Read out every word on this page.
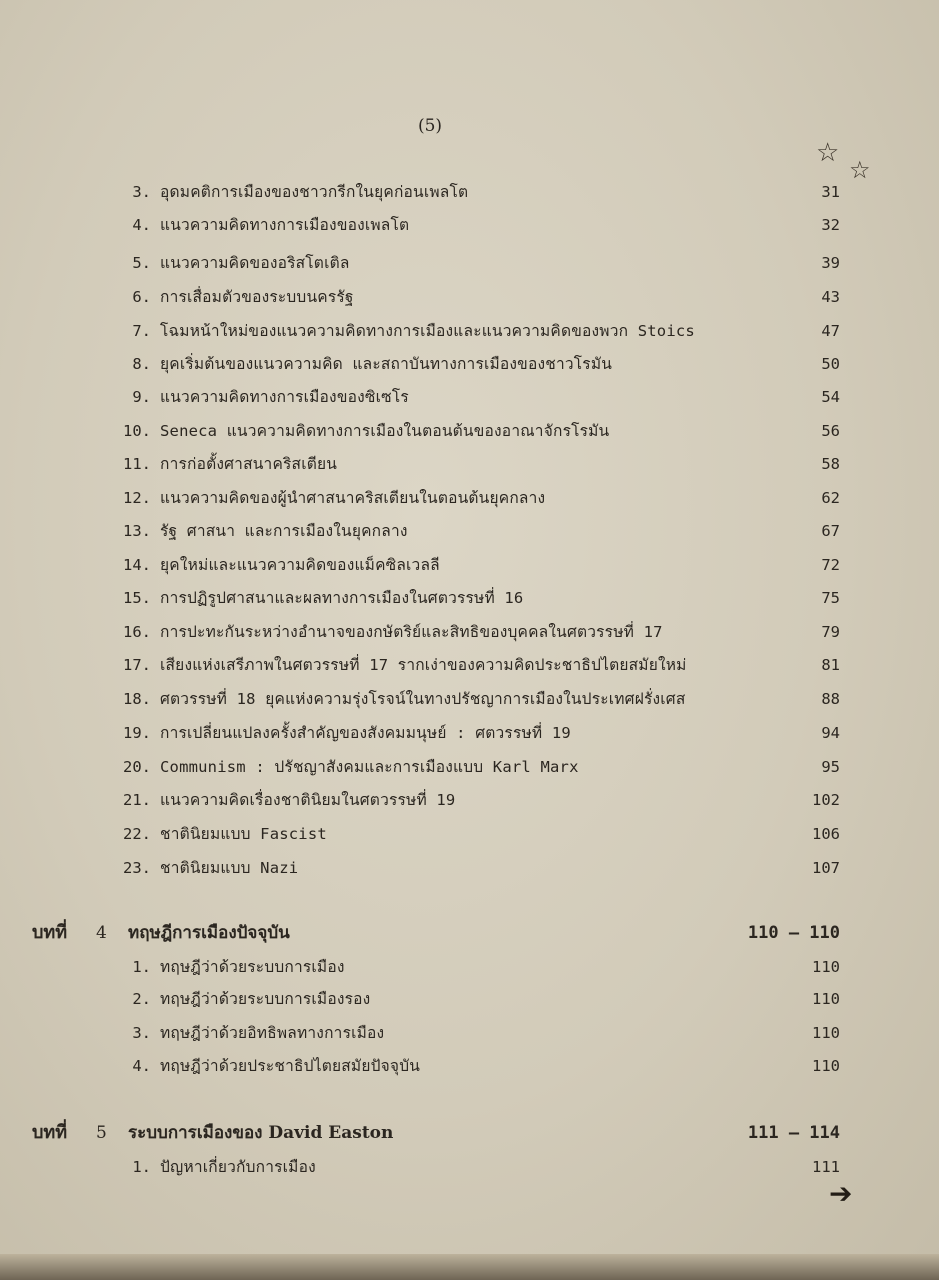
(5)
☆
☆
3. อุดมคติการเมืองของชาวกรีกในยุคก่อนเพลโต	31
4. แนวความคิดทางการเมืองของเพลโต	32
5. แนวความคิดของอริสโตเติล	39
6. การเสื่อมตัวของระบบนครรัฐ	43
7. โฉมหน้าใหม่ของแนวความคิดทางการเมืองและแนวความคิดของพวก Stoics	47
8. ยุคเริ่มต้นของแนวความคิด และสถาบันทางการเมืองของชาวโรมัน	50
9. แนวความคิดทางการเมืองของซิเซโร	54
10. Seneca แนวความคิดทางการเมืองในตอนต้นของอาณาจักรโรมัน	56
11. การก่อตั้งศาสนาคริสเตียน	58
12. แนวความคิดของผู้นำศาสนาคริสเตียนในตอนต้นยุคกลาง	62
13. รัฐ ศาสนา และการเมืองในยุคกลาง	67
14. ยุคใหม่และแนวความคิดของแม็คซิลเวลลี	72
15. การปฏิรูปศาสนาและผลทางการเมืองในศตวรรษที่ 16	75
16. การปะทะกันระหว่างอำนาจของกษัตริย์และสิทธิของบุคคลในศตวรรษที่ 17	79
17. เสียงแห่งเสรีภาพในศตวรรษที่ 17 รากเง่าของความคิดประชาธิปไตยสมัยใหม่	81
18. ศตวรรษที่ 18 ยุคแห่งความรุ่งโรจน์ในทางปรัชญาการเมืองในประเทศฝรั่งเศส	88
19. การเปลี่ยนแปลงครั้งสำคัญของสังคมมนุษย์ : ศตวรรษที่ 19	94
20. Communism : ปรัชญาสังคมและการเมืองแบบ Karl Marx	95
21. แนวความคิดเรื่องชาตินิยมในศตวรรษที่ 19	102
22. ชาตินิยมแบบ Fascist	106
23. ชาตินิยมแบบ Nazi	107
บทที่ 4 ทฤษฎีการเมืองปัจจุบัน	110 – 110
1. ทฤษฎีว่าด้วยระบบการเมือง	110
2. ทฤษฎีว่าด้วยระบบการเมืองรอง	110
3. ทฤษฎีว่าด้วยอิทธิพลทางการเมือง	110
4. ทฤษฎีว่าด้วยประชาธิปไตยสมัยปัจจุบัน	110
บทที่ 5 ระบบการเมืองของ David Easton	111 – 114
1. ปัญหาเกี่ยวกับการเมือง	111
➔
